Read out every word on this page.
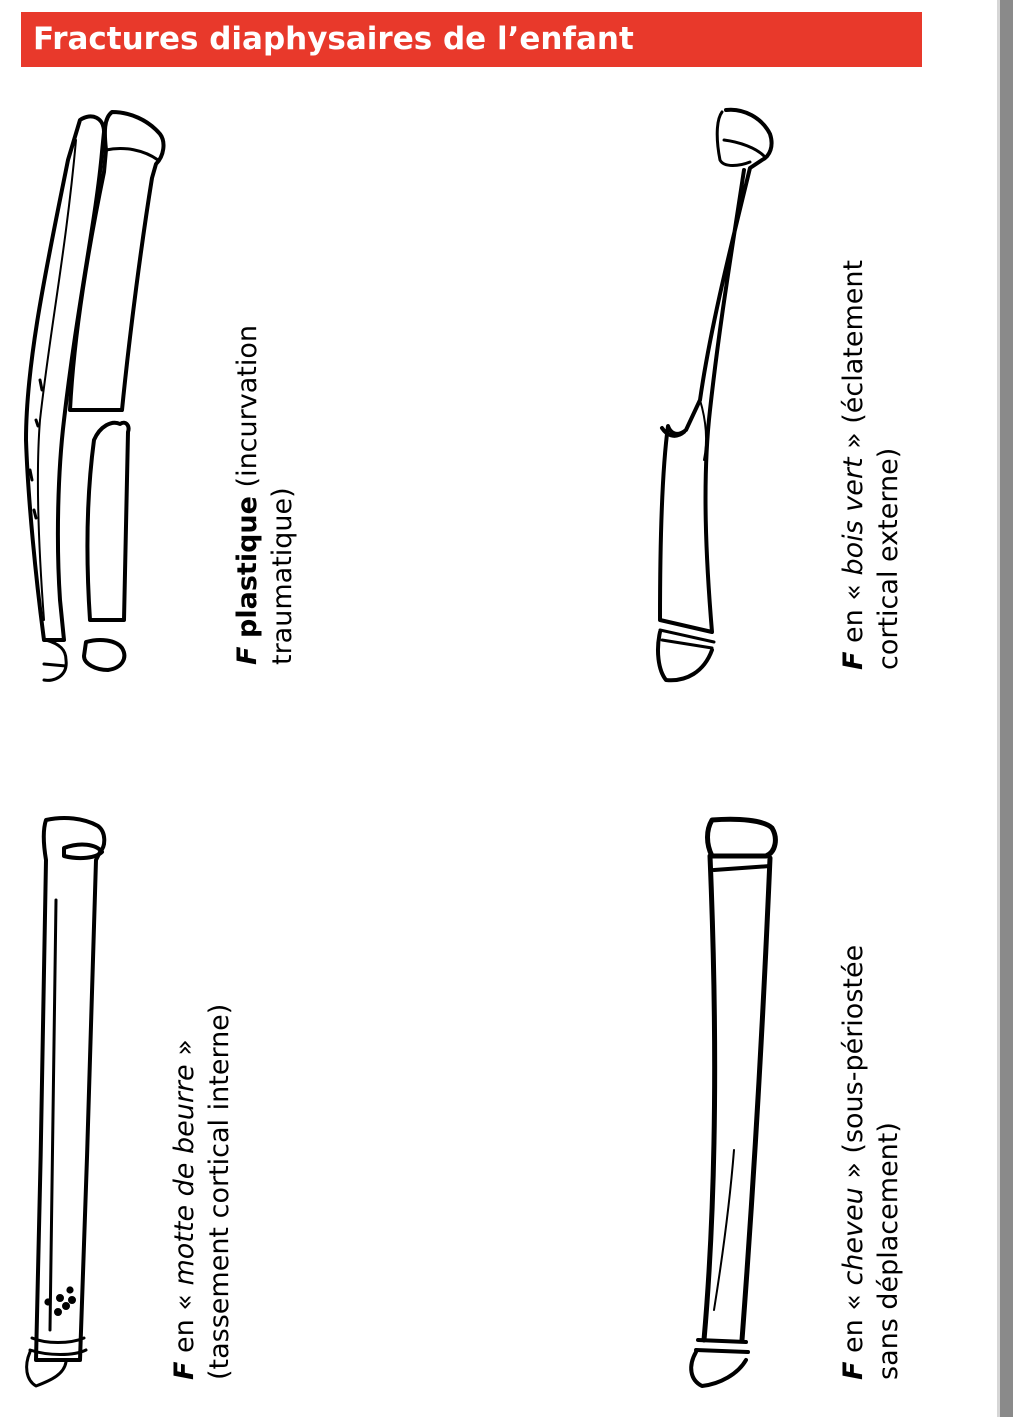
Fractures diaphysaires de l’enfant
F plastique (incurvation
traumatique)	F en « bois vert » (éclatement
cortical externe)
F en « motte de beurre » (tassement cortical interne)	F en « cheveu » (sous-périostée
sans déplacement)
